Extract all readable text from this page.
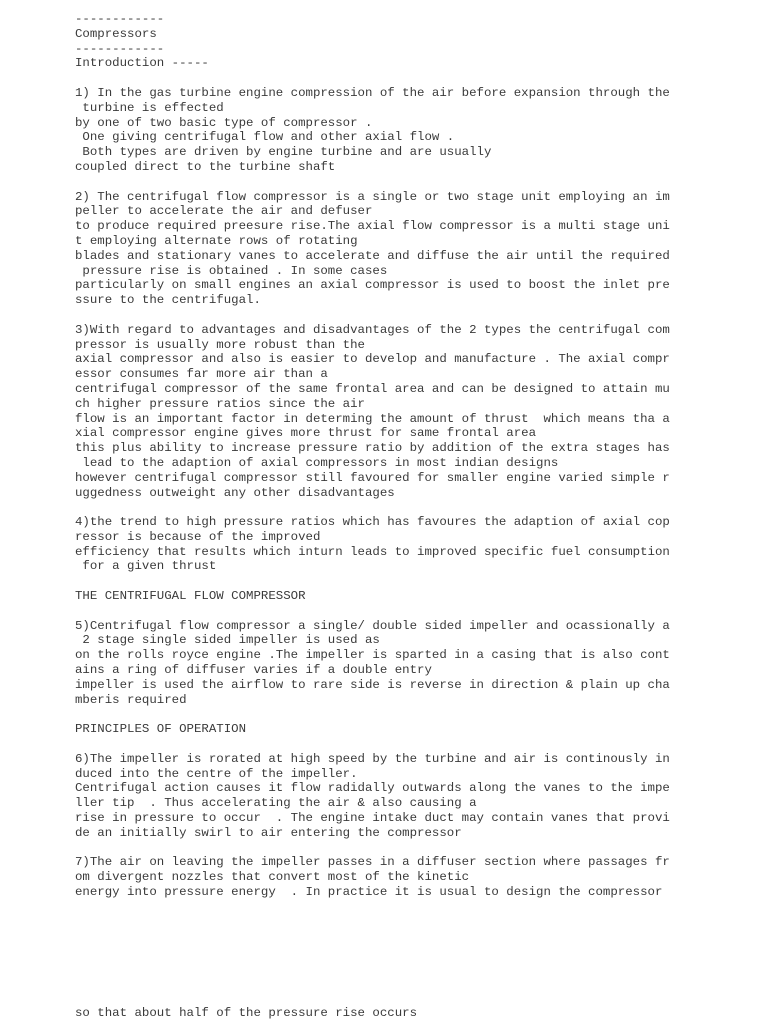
------------
Compressors
------------
Introduction -----

1) In the gas turbine engine compression of the air before expansion through the
turbine is effected
by one of two basic type of compressor .
One giving centrifugal flow and other axial flow .
Both types are driven by engine turbine and are usually
coupled direct to the turbine shaft

2) The centrifugal flow compressor is a single or two stage unit employing an im
peller to accelerate the air and defuser
to produce required preesure rise.The axial flow compressor is a multi stage uni
t employing alternate rows of rotating
blades and stationary vanes to accelerate and diffuse the air until the required
pressure rise is obtained . In some cases
particularly on small engines an axial compressor is used to boost the inlet pre
ssure to the centrifugal.

3)With regard to advantages and disadvantages of the 2 types the centrifugal com
pressor is usually more robust than the
axial compressor and also is easier to develop and manufacture . The axial compr
essor consumes far more air than a
centrifugal compressor of the same frontal area and can be designed to attain mu
ch higher pressure ratios since the air
flow is an important factor in determing the amount of thrust  which means tha a
xial compressor engine gives more thrust for same frontal area
this plus ability to increase pressure ratio by addition of the extra stages has
lead to the adaption of axial compressors in most indian designs
however centrifugal compressor still favoured for smaller engine varied simple r
uggedness outweight any other disadvantages

4)the trend to high pressure ratios which has favoures the adaption of axial cop
ressor is because of the improved
efficiency that results which inturn leads to improved specific fuel consumption
for a given thrust

THE CENTRIFUGAL FLOW COMPRESSOR

5)Centrifugal flow compressor a single/ double sided impeller and ocassionally a
2 stage single sided impeller is used as
on the rolls royce engine .The impeller is sparted in a casing that is also cont
ains a ring of diffuser varies if a double entry
impeller is used the airflow to rare side is reverse in direction & plain up cha
mberis required

PRINCIPLES OF OPERATION

6)The impeller is rorated at high speed by the turbine and air is continously in
duced into the centre of the impeller.
Centrifugal action causes it flow radidally outwards along the vanes to the impe
ller tip  . Thus accelerating the air & also causing a
rise in pressure to occur  . The engine intake duct may contain vanes that provi
de an initially swirl to air entering the compressor

7)The air on leaving the impeller passes in a diffuser section where passages fr
om divergent nozzles that convert most of the kinetic
energy into pressure energy  . In practice it is usual to design the compressor
so that about half of the pressure rise occurs
